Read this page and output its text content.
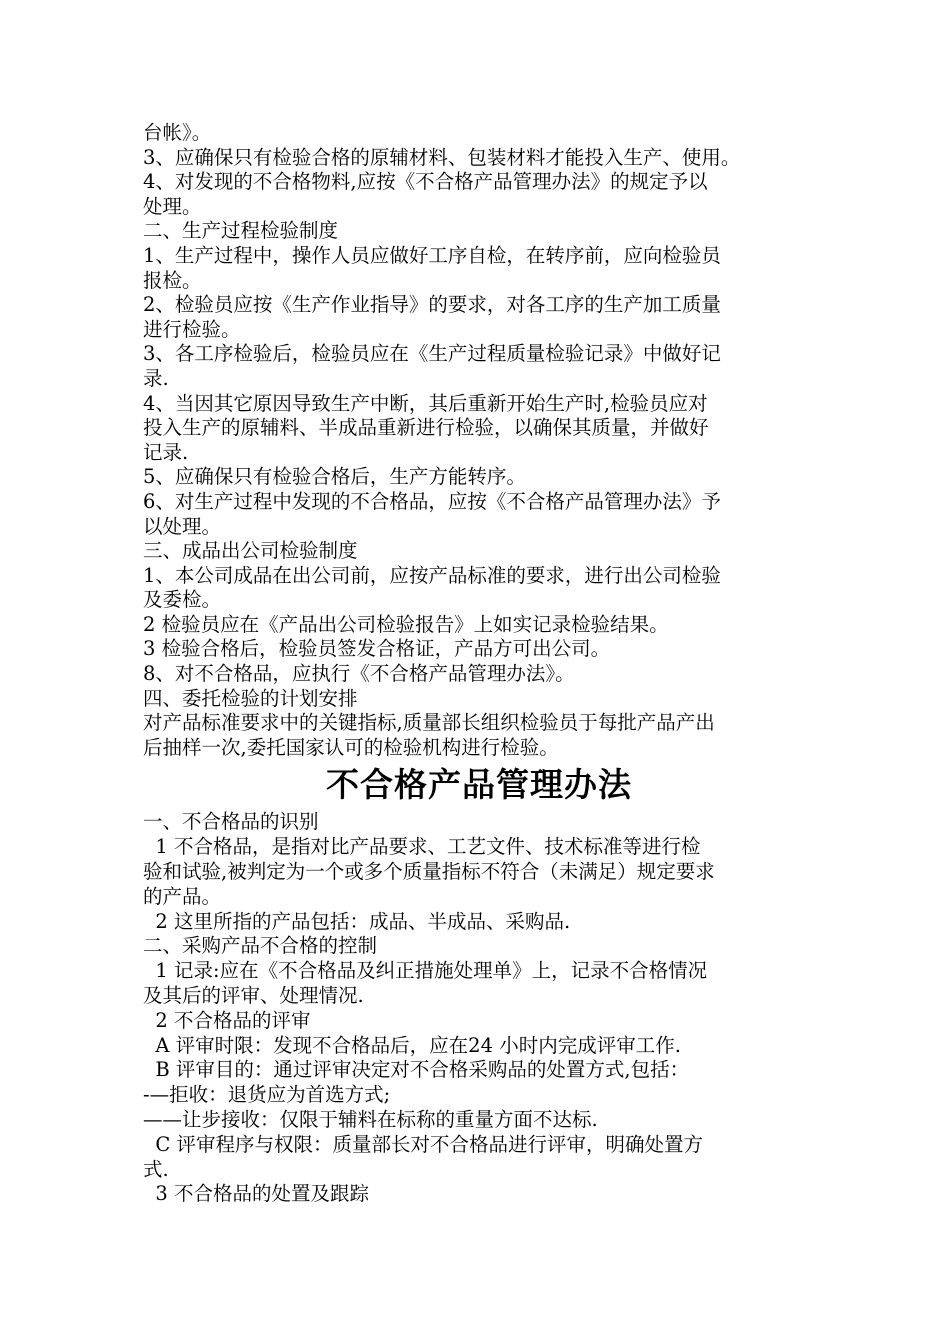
台帐》。
3、应确保只有检验合格的原辅材料、包装材料才能投入生产、使用。
4、对发现的不合格物料,应按《不合格产品管理办法》的规定予以
处理。
二、生产过程检验制度
1、生产过程中，操作人员应做好工序自检，在转序前，应向检验员
报检。
2、检验员应按《生产作业指导》的要求，对各工序的生产加工质量
进行检验。
3、各工序检验后，检验员应在《生产过程质量检验记录》中做好记
录.
4、当因其它原因导致生产中断，其后重新开始生产时,检验员应对
投入生产的原辅料、半成品重新进行检验，以确保其质量，并做好
记录.
5、应确保只有检验合格后，生产方能转序。
6、对生产过程中发现的不合格品，应按《不合格产品管理办法》予
以处理。
三、成品出公司检验制度
1、本公司成品在出公司前，应按产品标准的要求，进行出公司检验
及委检。
2 检验员应在《产品出公司检验报告》上如实记录检验结果。
3 检验合格后，检验员签发合格证，产品方可出公司。
8、对不合格品，应执行《不合格产品管理办法》。
四、委托检验的计划安排
对产品标准要求中的关键指标,质量部长组织检验员于每批产品产出
后抽样一次,委托国家认可的检验机构进行检验。
不合格产品管理办法
一、不合格品的识别
1 不合格品，是指对比产品要求、工艺文件、技术标准等进行检
验和试验,被判定为一个或多个质量指标不符合（未满足）规定要求
的产品。
2 这里所指的产品包括：成品、半成品、采购品.
二、采购产品不合格的控制
1 记录:应在《不合格品及纠正措施处理单》上，记录不合格情况
及其后的评审、处理情况.
2 不合格品的评审
A 评审时限：发现不合格品后，应在24 小时内完成评审工作.
B 评审目的：通过评审决定对不合格采购品的处置方式,包括：
-—拒收：退货应为首选方式;
——让步接收：仅限于辅料在标称的重量方面不达标.
C 评审程序与权限：质量部长对不合格品进行评审，明确处置方
式.
3 不合格品的处置及跟踪
